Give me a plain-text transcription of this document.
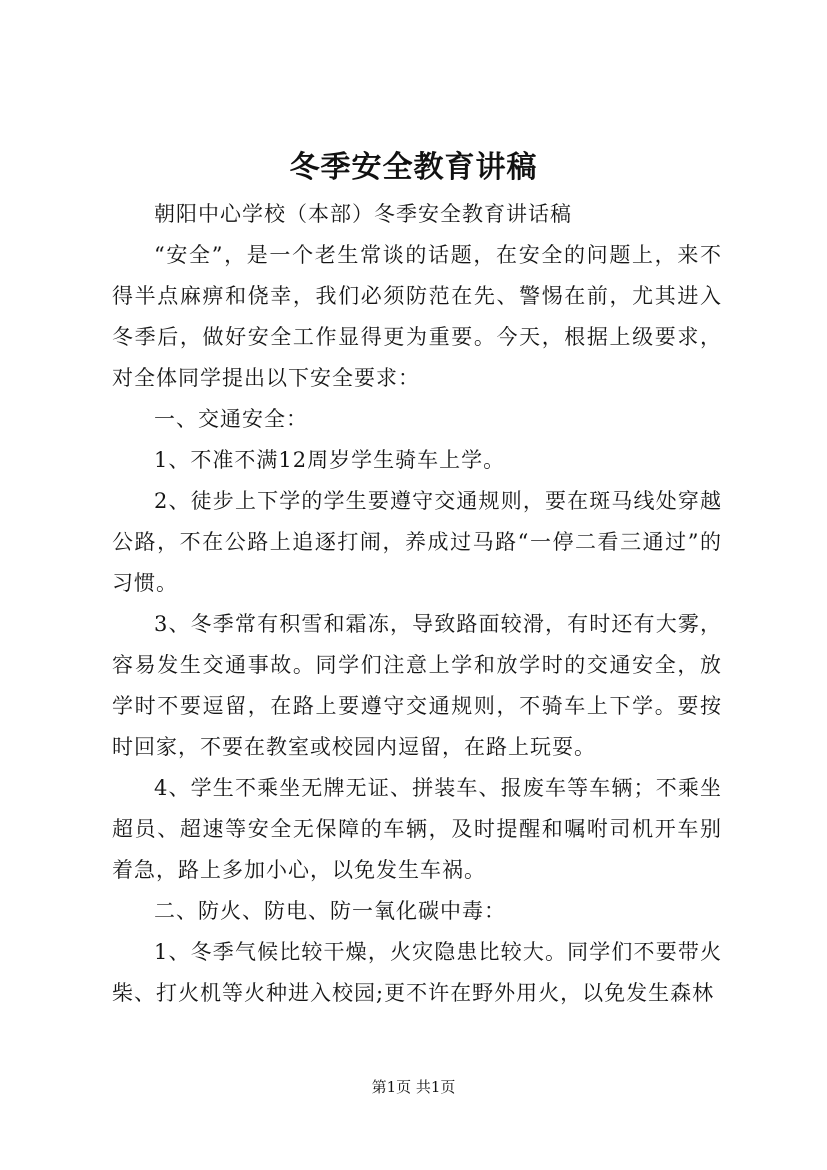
冬季安全教育讲稿

朝阳中心学校（本部）冬季安全教育讲话稿

“安全”，是一个老生常谈的话题，在安全的问题上，来不得半点麻痹和侥幸，我们必须防范在先、警惕在前，尤其进入冬季后，做好安全工作显得更为重要。今天，根据上级要求，对全体同学提出以下安全要求：

一、交通安全：

1、不准不满12周岁学生骑车上学。

2、徒步上下学的学生要遵守交通规则，要在斑马线处穿越公路，不在公路上追逐打闹，养成过马路“一停二看三通过”的习惯。

3、冬季常有积雪和霜冻，导致路面较滑，有时还有大雾，容易发生交通事故。同学们注意上学和放学时的交通安全，放学时不要逗留，在路上要遵守交通规则，不骑车上下学。要按时回家，不要在教室或校园内逗留，在路上玩耍。

4、学生不乘坐无牌无证、拼装车、报废车等车辆；不乘坐超员、超速等安全无保障的车辆，及时提醒和嘱咐司机开车别着急，路上多加小心，以免发生车祸。

二、防火、防电、防一氧化碳中毒：

1、冬季气候比较干燥，火灾隐患比较大。同学们不要带火柴、打火机等火种进入校园;更不许在野外用火，以免发生森林

第1页 共1页
